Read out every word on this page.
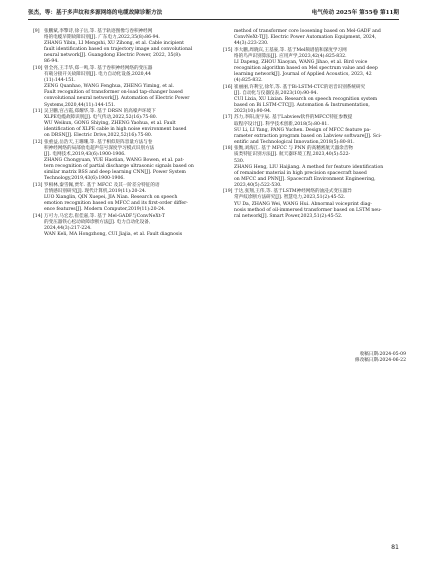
张杰，等：基于多声纹和多源网络的电缆故障诊断方法	电气传动 2025年 第55卷 第11期
[9] 张鹏斌,李擎诗,徐子岳,等. 基于轨迹图像与卷积神经网
络的电缆早期故障识别[J]. 广东电力,2022,35(8):86-94.
ZHANG Yibin, LI Mengshi, XU Zihong, et al. Cable incipient
fault identification based on trajectory image and convolutional
neural network[J]. Guangdong Electric Power, 2022, 35(8):
86-94.
[10] 曾全亮,王丰华,郑一鸣,等. 基于卷积神经网络的变压器
有载分接开关故障识别[J]. 电力自动化设备,2020,44
(11):144-151.
ZENG Quanhao, WANG Fenghua, ZHENG Yiming, et al.
Fault recognition of transformer on-load tap-changer based
convolutional neural network[J]. Automation of Electric Power
Systems,2020,44(11):144-151.
[11] 吴卫鹏,宫占霞,郑耀华,等. 基于 DRSN 的高噪声环境下
XLPE电缆故障识别[J]. 电气传动,2022,52(16):75-80.
WU Weikun, GONG Shiying, ZHENG Yaohua, et al. Fault
identification of XLPE cable in high noise environment based
on DRSN[J]. Electric Drive,2022,52(16):75-80.
[12] 张重益,岳浩天,王珊珊,等. 基于相似矩阵容量方法与卷
积神经网络的局部放电超声信号深度学习模式识别方法
[J]. 电网技术,2019,43(6):1900-1906.
ZHANG Chongyuan, YUE Haotian, WANG Bowen, et al. pat-
tern recognition of partial discharge ultrasonic signals based on
similar matrix BSS and deep learning CNN[J]. Power System
Technology,2019,43(6):1900-1906.
[13] 罗相林,秦雪佩,贾年. 基于 MFCC 及其一阶差分特征的语
音情感识别研究[J]. 现代计算机,2019(11):20-24.
LUO Xianglin, QIN Xuepei, JIA Nian. Research on speech
emotion recognition based on MFCC and its first-order differ-
ence features[J]. Modern Computer,2019(11):20-24.
[14] 万可力,马宏忠,崔佳嘉,等. 基于 Mel-GADF与ConvNeXt-T
的变压器铁心松动故障诊断方法[J]. 电力自动化设备,
2024,44(3):217-224.
WAN Keli, MA Hongzhong, CUI Jiajia, et al. Fault diagnosis
method of transformer core loosening based on Mel-GADF and
ConvNeXt-T[J]. Electric Power Automation Equipment, 2024,
44(3):223-230.
[15] 李大鹏,周晓宾,王基豪,等. 基于Mel频谱值和深度学习网
络的鸟声识别算法[J]. 应用声学,2023,42(4):825-832.
LI Dapeng, ZHOU Xiaoyan, WANG Jihao, et al. Bird voice
recognition algorithm based on Mel spectrum value and deep
learning network[J]. Journal of Applied Acoustics, 2023, 42
(4):825-832.
[16] 崔丽丽,许利宝,徐年,等. 基于Bi-LSTM-CTC的语音识别系统研究
[J]. 自动化与仪器仪表,2023(10):90-94.
CUI Lixia, XU Lixian. Research on speech recognition system
based on Bi LSTM-CTC[J]. Automation & Instrumentation,
2023(10):90-94.
[17] 苏力,李阳,庞宇辰. 基于Labview软件的MFCC特征参数提
取程序设计[J]. 科学技术创新,2018(5):80-81.
SU Li, LI Yang, PANG Yuchen. Design of MFCC feature pa-
rameter extraction program based on Labview software[J]. Sci-
entific and Technological Innovation,2018(5):80-81.
[18] 张衡,刘海江. 基于 MFCC 与 PNN 的高精密航天器余音物
质类特征识别方法[J]. 航天器环境工程,2023,40(5):522-
530.
ZHANG Heng, LIU Haijiang. A method for feature identification
of remainder material in high precision spacecraft based
on MFCC and PNN[J]. Spacecraft Environment Engineering,
2023,40(5):522-530.
[19] 于达,张翔,王伟,等. 基于LSTM神经网络的油浸式变压器异
常声纹诊断方法研究[J]. 智慧电力,2023,51(2):45-52.
YU Da, ZHANG Wei, WANG Hui. Abnormal voiceprint diag-
nosis method of oil-immersed transformer based on LSTM neu-
ral network[J]. Smart Power,2023,51(2):45-52.
收稿日期:2024-05-09
修改稿日期:2024-06-22
81
